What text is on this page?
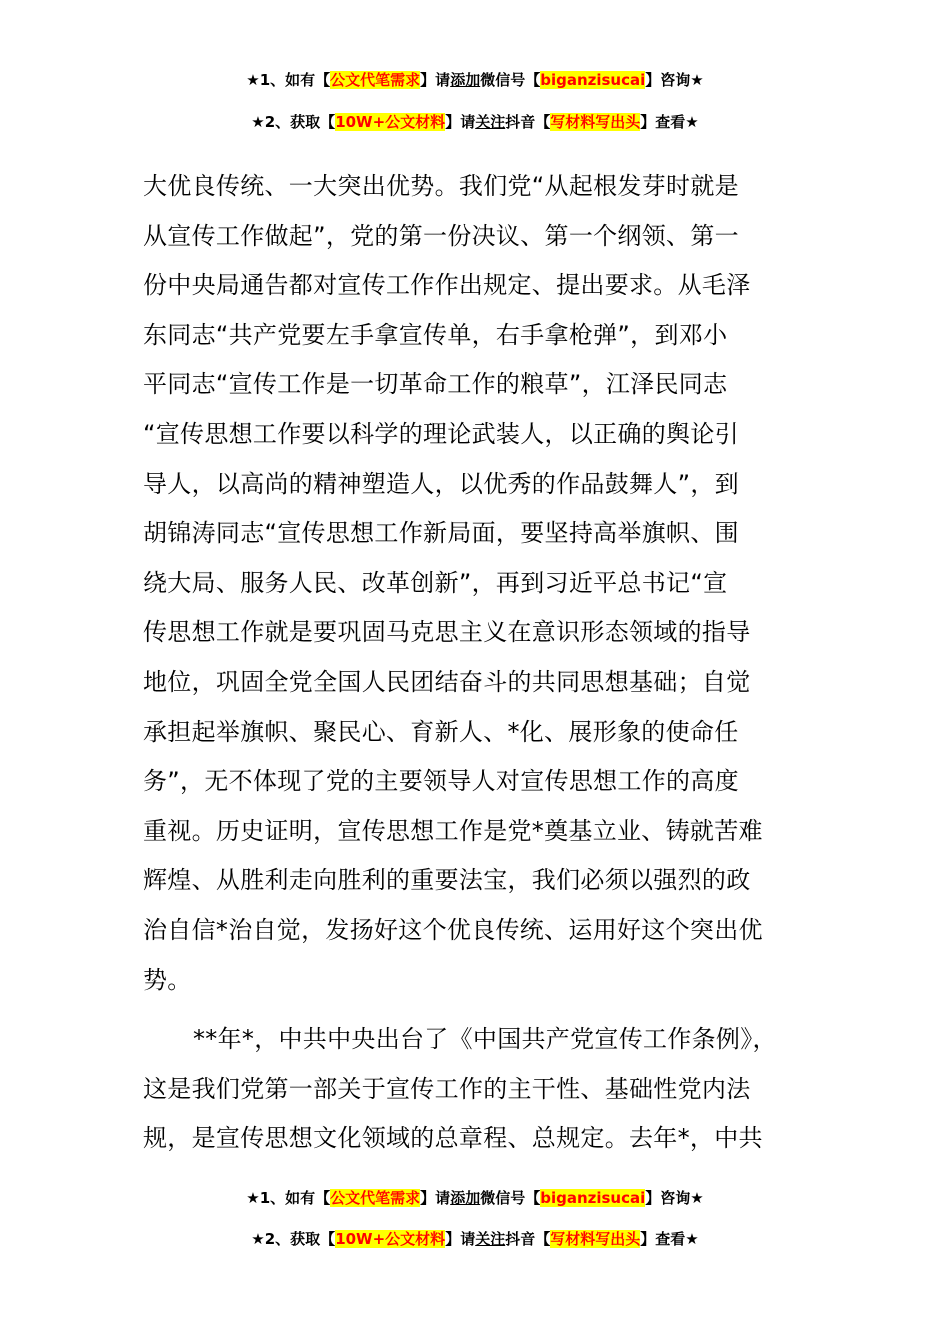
★1、如有【公文代笔需求】请添加微信号【biganzisucai】咨询★
★2、获取【10W+公文材料】请关注抖音【写材料写出头】查看★

大优良传统、一大突出优势。我们党“从起根发芽时就是
从宣传工作做起”，党的第一份决议、第一个纲领、第一
份中央局通告都对宣传工作作出规定、提出要求。从毛泽
东同志“共产党要左手拿宣传单，右手拿枪弹”，到邓小
平同志“宣传工作是一切革命工作的粮草”，江泽民同志
“宣传思想工作要以科学的理论武装人，以正确的舆论引
导人，以高尚的精神塑造人，以优秀的作品鼓舞人”，到
胡锦涛同志“宣传思想工作新局面，要坚持高举旗帜、围
绕大局、服务人民、改革创新”，再到习近平总书记“宣
传思想工作就是要巩固马克思主义在意识形态领域的指导
地位，巩固全党全国人民团结奋斗的共同思想基础；自觉
承担起举旗帜、聚民心、育新人、*化、展形象的使命任
务”，无不体现了党的主要领导人对宣传思想工作的高度
重视。历史证明，宣传思想工作是党*奠基立业、铸就苦难
辉煌、从胜利走向胜利的重要法宝，我们必须以强烈的政
治自信*治自觉，发扬好这个优良传统、运用好这个突出优
势。

**年*，中共中央出台了《中国共产党宣传工作条例》，
这是我们党第一部关于宣传工作的主干性、基础性党内法
规，是宣传思想文化领域的总章程、总规定。去年*，中共

★1、如有【公文代笔需求】请添加微信号【biganzisucai】咨询★
★2、获取【10W+公文材料】请关注抖音【写材料写出头】查看★
